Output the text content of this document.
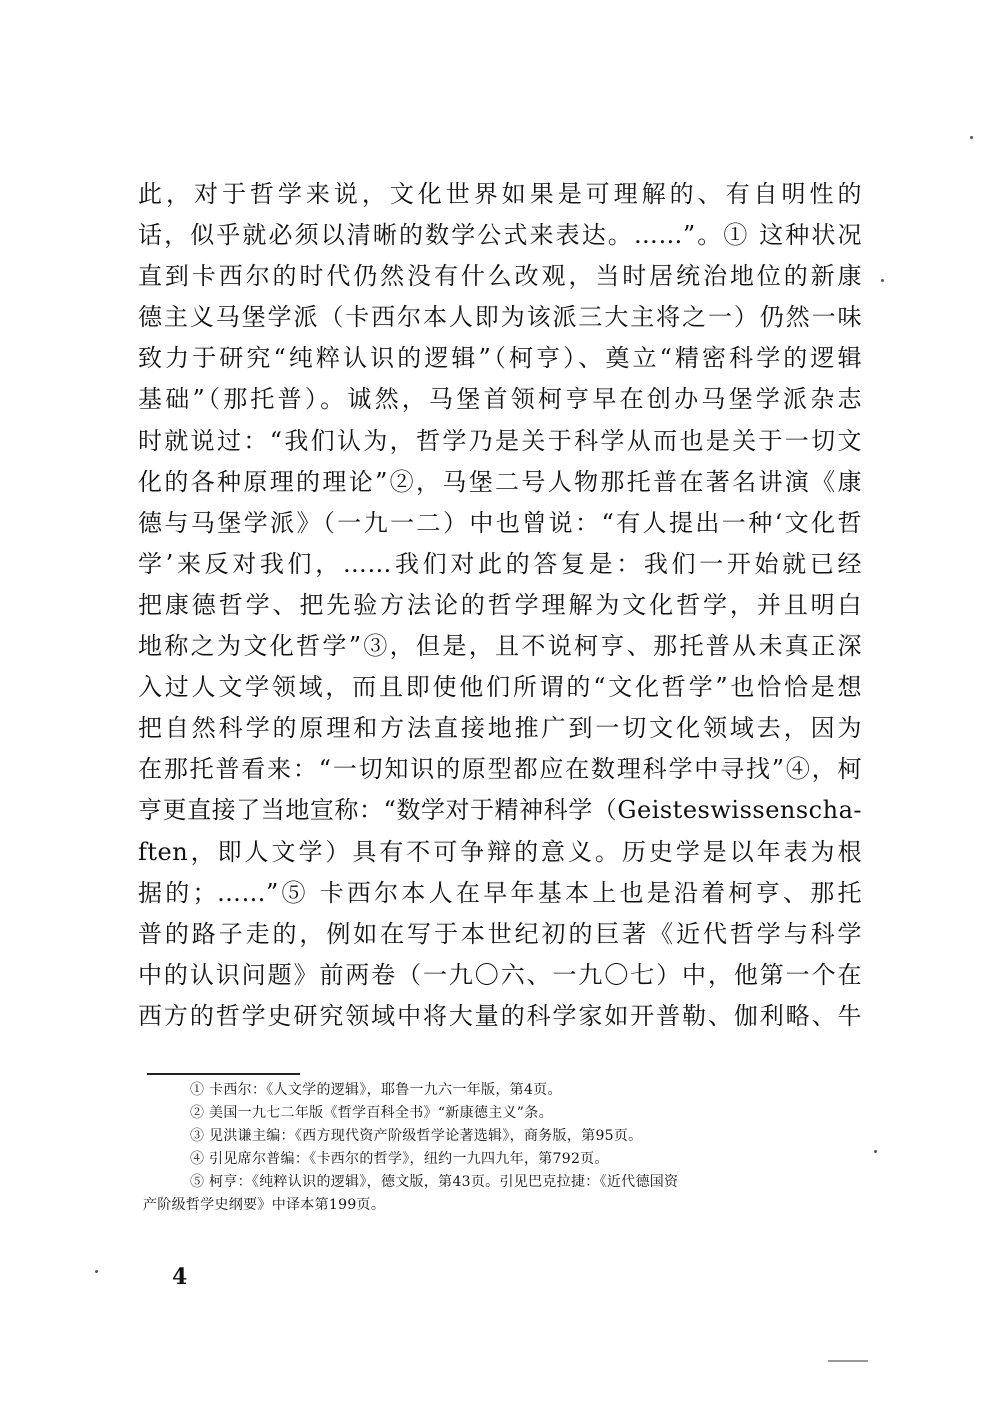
此，对于哲学来说，文化世界如果是可理解的、有自明性的
话，似乎就必须以清晰的数学公式来表达。……”。① 这种状况
直到卡西尔的时代仍然没有什么改观，当时居统治地位的新康
德主义马堡学派（卡西尔本人即为该派三大主将之一）仍然一味
致力于研究“纯粹认识的逻辑”（柯亨）、奠立“精密科学的逻辑
基础”（那托普）。诚然，马堡首领柯亨早在创办马堡学派杂志
时就说过：“我们认为，哲学乃是关于科学从而也是关于一切文
化的各种原理的理论”②，马堡二号人物那托普在著名讲演《康
德与马堡学派》（一九一二）中也曾说：“有人提出一种‘文化哲
学’来反对我们，……我们对此的答复是：我们一开始就已经
把康德哲学、把先验方法论的哲学理解为文化哲学，并且明白
地称之为文化哲学”③，但是，且不说柯亨、那托普从未真正深
入过人文学领域，而且即使他们所谓的“文化哲学”也恰恰是想
把自然科学的原理和方法直接地推广到一切文化领域去，因为
在那托普看来：“一切知识的原型都应在数理科学中寻找”④，柯
亨更直接了当地宣称：“数学对于精神科学（Geisteswissenscha-
ften，即人文学）具有不可争辩的意义。历史学是以年表为根
据的；……”⑤ 卡西尔本人在早年基本上也是沿着柯亨、那托
普的路子走的，例如在写于本世纪初的巨著《近代哲学与科学
中的认识问题》前两卷（一九〇六、一九〇七）中，他第一个在
西方的哲学史研究领域中将大量的科学家如开普勒、伽利略、牛
① 卡西尔：《人文学的逻辑》，耶鲁一九六一年版，第4页。
② 美国一九七二年版《哲学百科全书》“新康德主义”条。
③ 见洪谦主编：《西方现代资产阶级哲学论著选辑》，商务版，第95页。
④ 引见席尔普编：《卡西尔的哲学》，纽约一九四九年，第792页。
⑤ 柯亨：《纯粹认识的逻辑》，德文版，第43页。引见巴克拉捷：《近代德国资
产阶级哲学史纲要》中译本第199页。
4
